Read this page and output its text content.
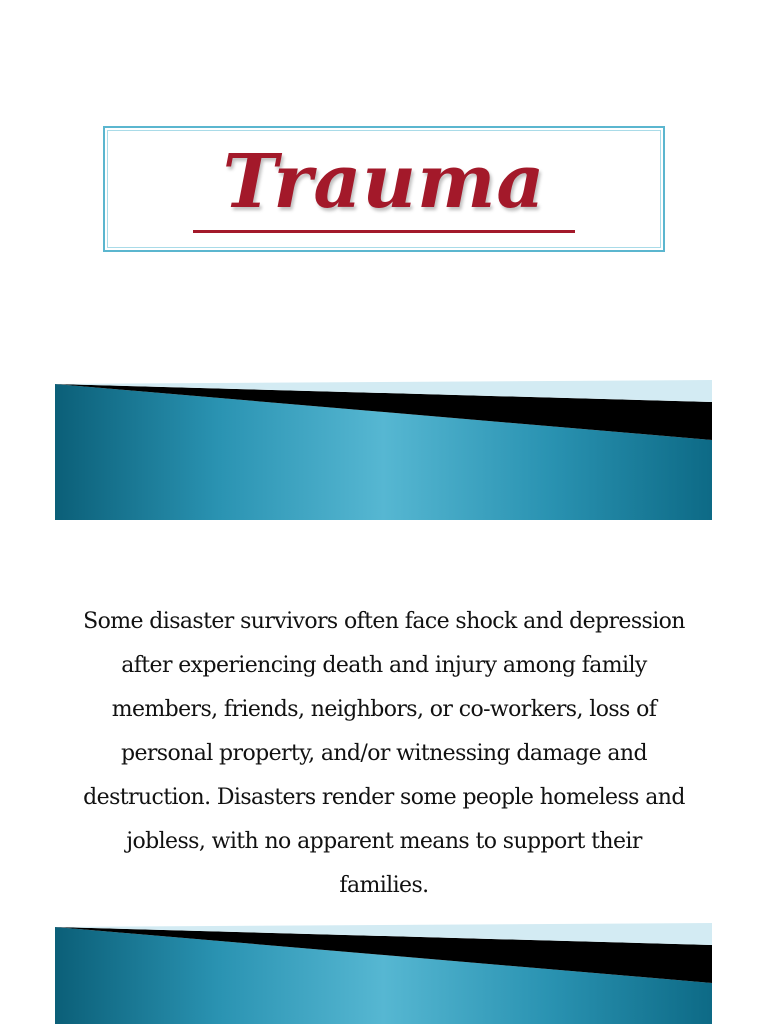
Trauma
Some disaster survivors often face shock and depression after experiencing death and injury among family members, friends, neighbors, or co-workers, loss of personal property, and/or witnessing damage and destruction. Disasters render some people homeless and jobless, with no apparent means to support their families.
